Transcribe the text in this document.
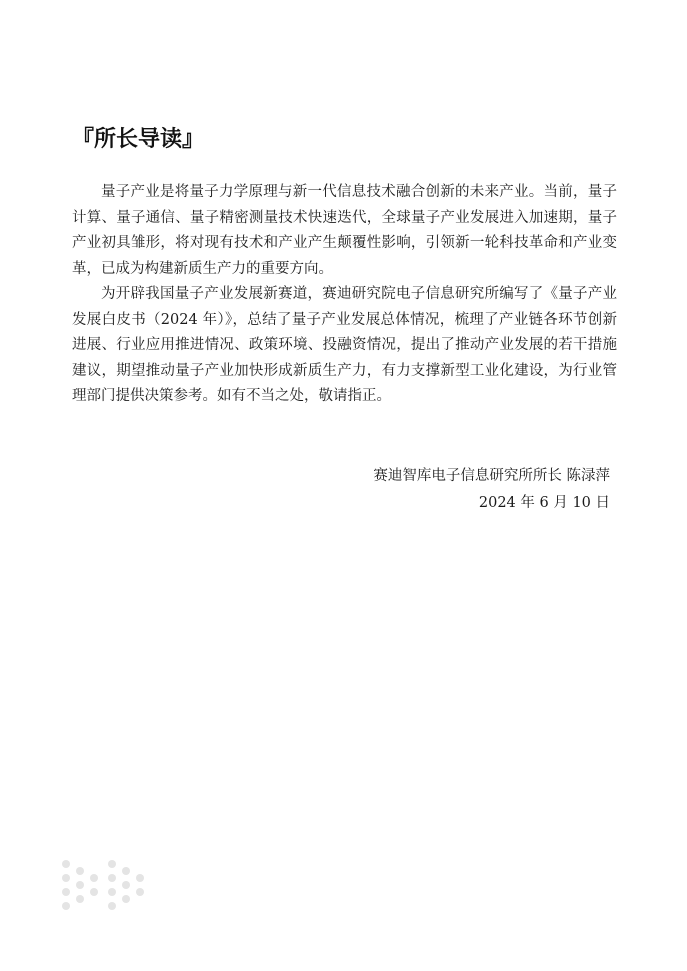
『所长导读』

量子产业是将量子力学原理与新一代信息技术融合创新的未来产业。当前，量子计算、量子通信、量子精密测量技术快速迭代，全球量子产业发展进入加速期，量子产业初具雏形，将对现有技术和产业产生颠覆性影响，引领新一轮科技革命和产业变革，已成为构建新质生产力的重要方向。

为开辟我国量子产业发展新赛道，赛迪研究院电子信息研究所编写了《量子产业发展白皮书（2024 年）》，总结了量子产业发展总体情况，梳理了产业链各环节创新进展、行业应用推进情况、政策环境、投融资情况，提出了推动产业发展的若干措施建议，期望推动量子产业加快形成新质生产力，有力支撑新型工业化建设，为行业管理部门提供决策参考。如有不当之处，敬请指正。

赛迪智库电子信息研究所所长 陈渌萍
2024 年 6 月 10 日
